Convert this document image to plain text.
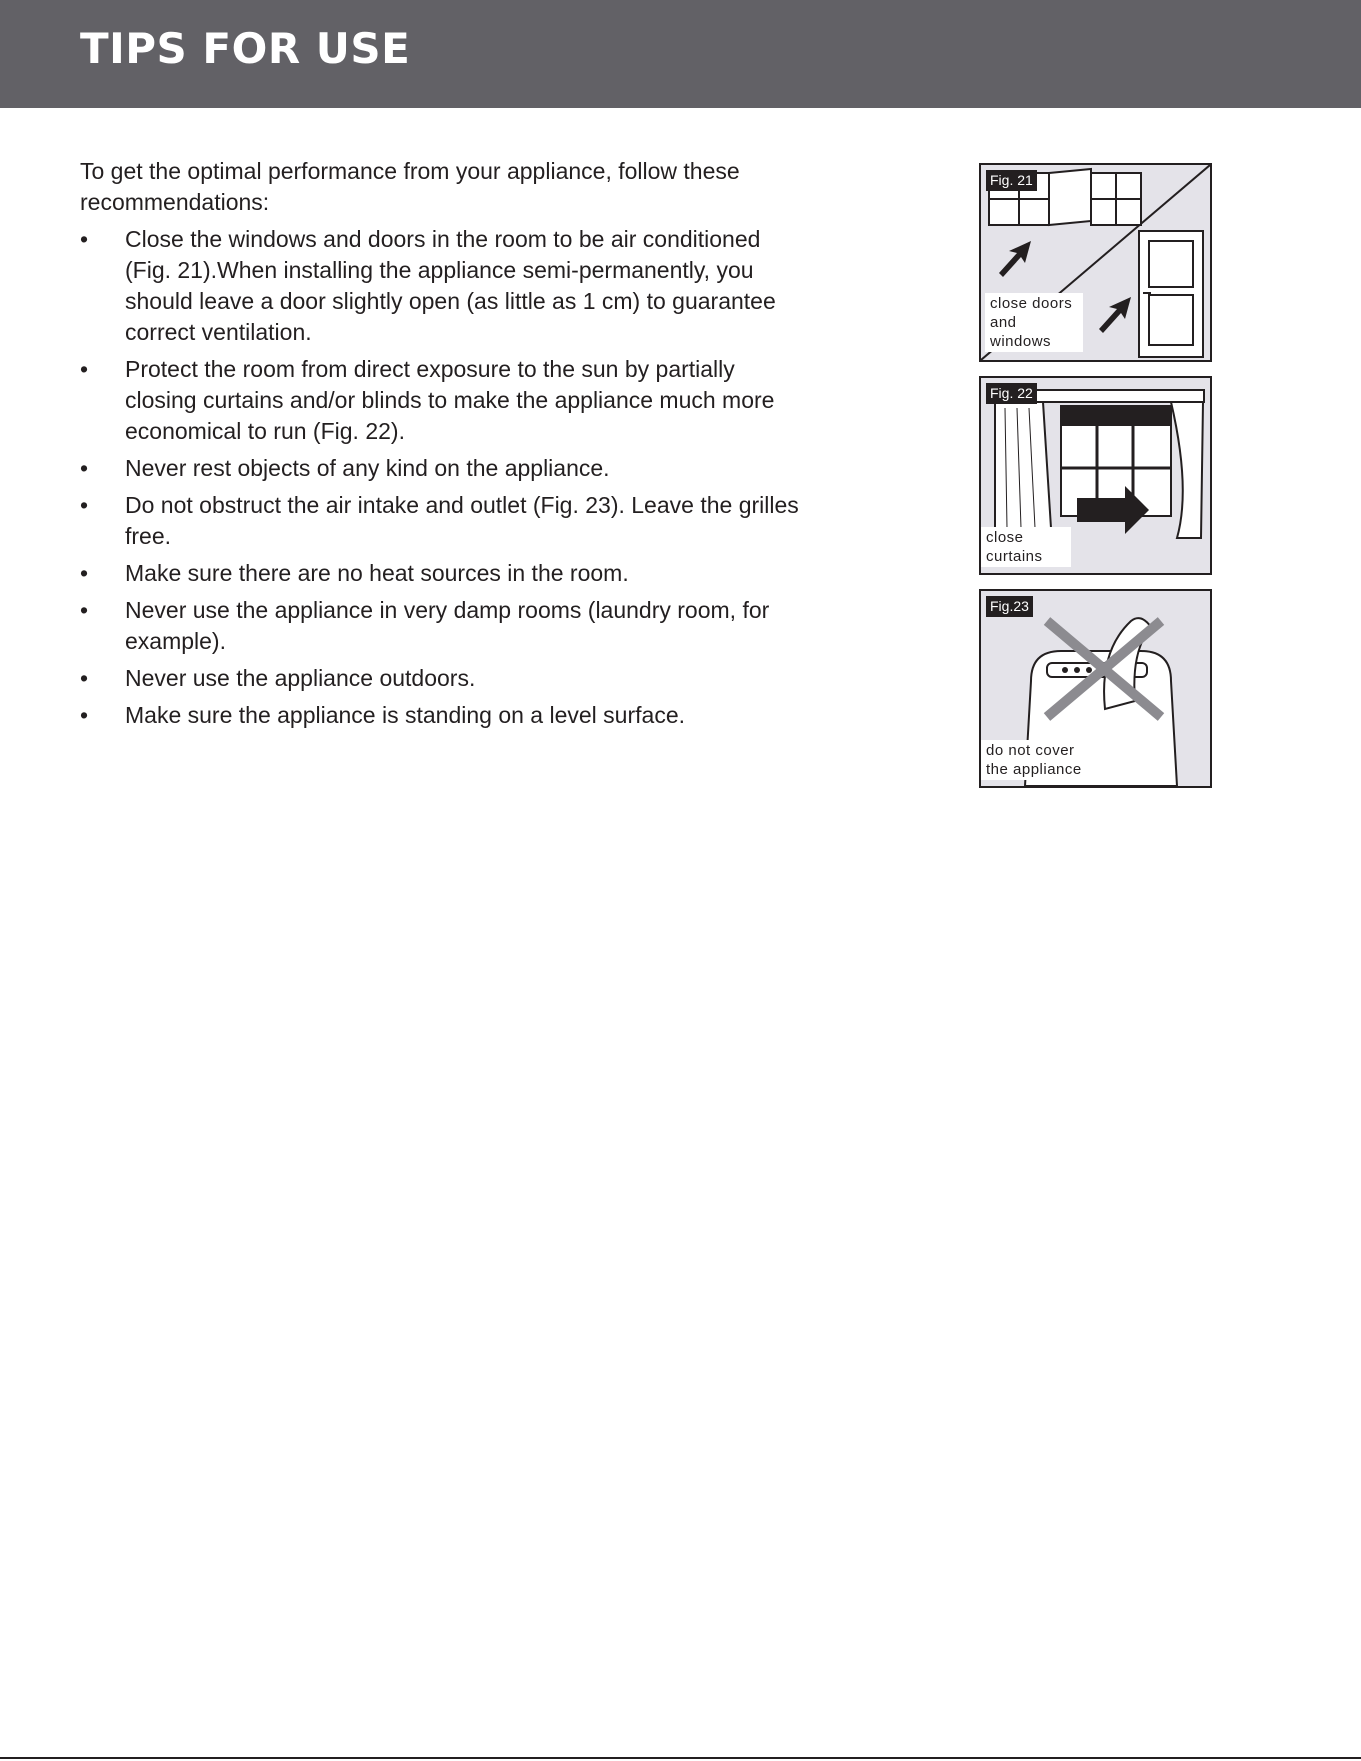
TIPS FOR USE

To get the optimal performance from your appliance, follow these recommendations:

• Close the windows and doors in the room to be air conditioned (Fig. 21).When installing the appliance semi-permanently, you should leave a door slightly open (as little as 1 cm) to guarantee correct ventilation.
• Protect the room from direct exposure to the sun by partially closing curtains and/or blinds to make the appliance much more economical to run (Fig. 22).
• Never rest objects of any kind on the appliance.
• Do not obstruct the air intake and outlet (Fig. 23). Leave the grilles free.
• Make sure there are no heat sources in the room.
• Never use the appliance in very damp rooms (laundry room, for example).
• Never use the appliance outdoors.
• Make sure the appliance is standing on a level surface.
Fig. 21
close doors and windows
Fig. 22
close curtains
Fig.23
do not cover the appliance
